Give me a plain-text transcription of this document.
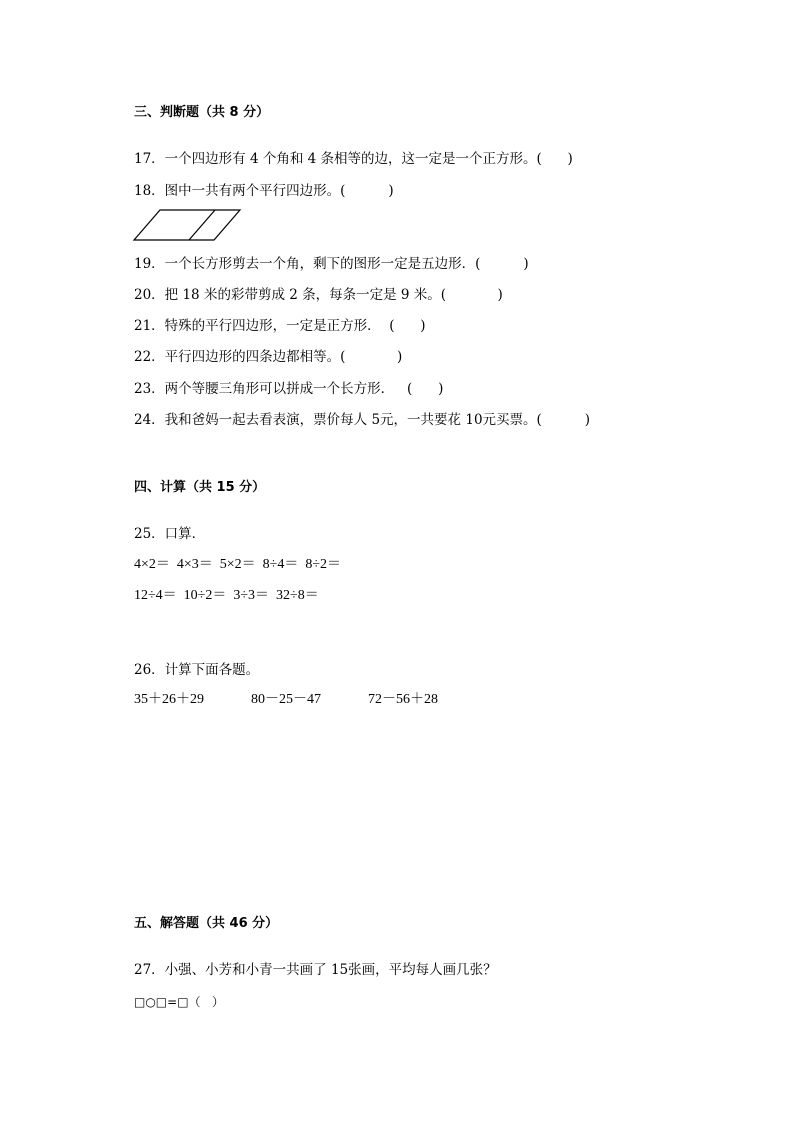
三、判断题（共 8 分）
17．一个四边形有 4 个角和 4 条相等的边，这一定是一个正方形。(      )
18．图中一共有两个平行四边形。(          )
19．一个长方形剪去一个角，剩下的图形一定是五边形．(          )
20．把 18 米的彩带剪成 2 条，每条一定是 9 米。(            )
21．特殊的平行四边形，一定是正方形．  (      )
22．平行四边形的四条边都相等。(            )
23．两个等腰三角形可以拼成一个长方形．   (      )
24．我和爸妈一起去看表演，票价每人 5元，一共要花 10元买票。(          )
四、计算（共 15 分）
25．口算．
4×2＝  4×3＝  5×2＝  8÷4＝  8÷2＝
12÷4＝  10÷2＝  3÷3＝  32÷8＝
26．计算下面各题。

35＋26＋29

	80－25－47

	72－56＋28

五、解答题（共 46 分）
27．小强、小芳和小青一共画了 15张画，平均每人画几张？
□○□=□（   ）
